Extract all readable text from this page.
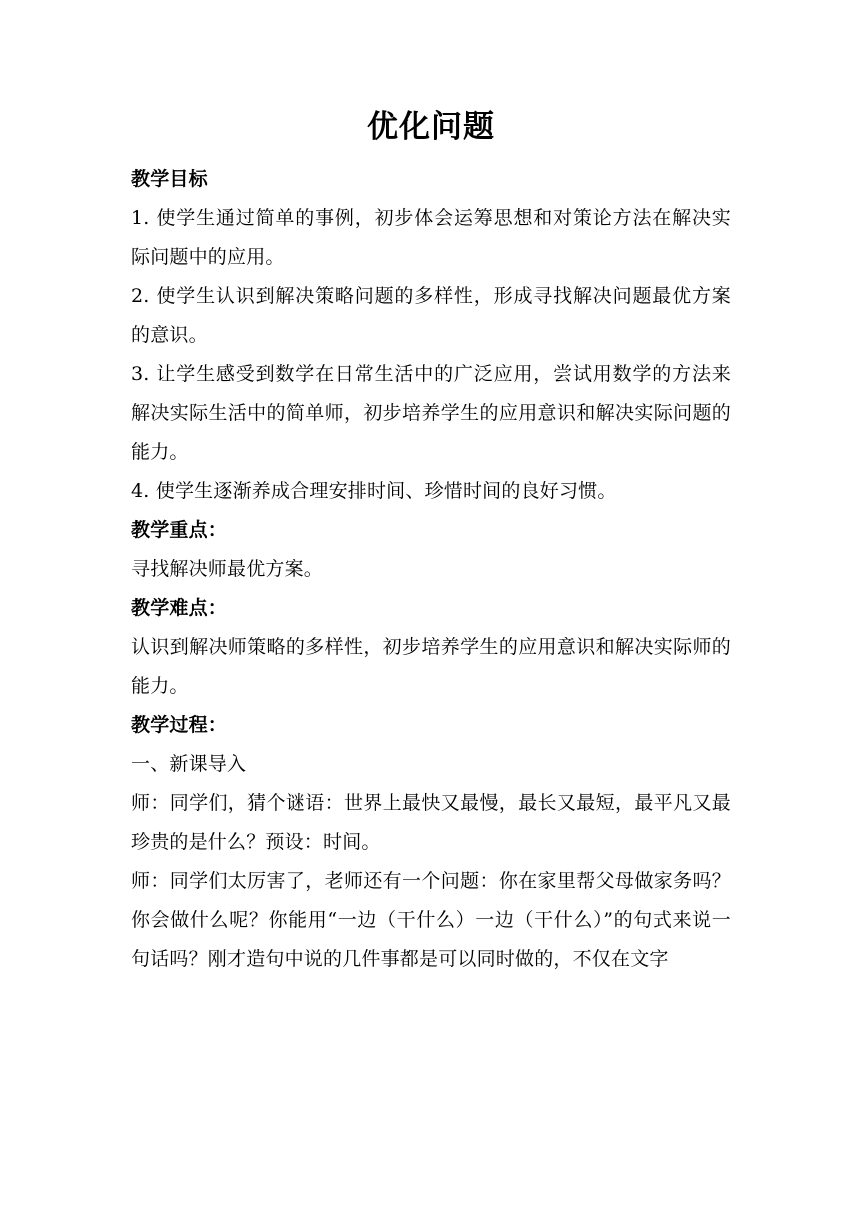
优化问题
教学目标
1. 使学生通过简单的事例，初步体会运筹思想和对策论方法在解决实际问题中的应用。
2. 使学生认识到解决策略问题的多样性，形成寻找解决问题最优方案的意识。
3. 让学生感受到数学在日常生活中的广泛应用，尝试用数学的方法来解决实际生活中的简单师，初步培养学生的应用意识和解决实际问题的能力。
4. 使学生逐渐养成合理安排时间、珍惜时间的良好习惯。
教学重点：
寻找解决师最优方案。
教学难点：
认识到解决师策略的多样性，初步培养学生的应用意识和解决实际师的能力。
教学过程：
一、新课导入
师：同学们，猜个谜语：世界上最快又最慢，最长又最短，最平凡又最珍贵的是什么？预设：时间。
师：同学们太厉害了，老师还有一个问题：你在家里帮父母做家务吗？你会做什么呢？你能用“一边（干什么）一边（干什么）”的句式来说一句话吗？刚才造句中说的几件事都是可以同时做的，不仅在文字
